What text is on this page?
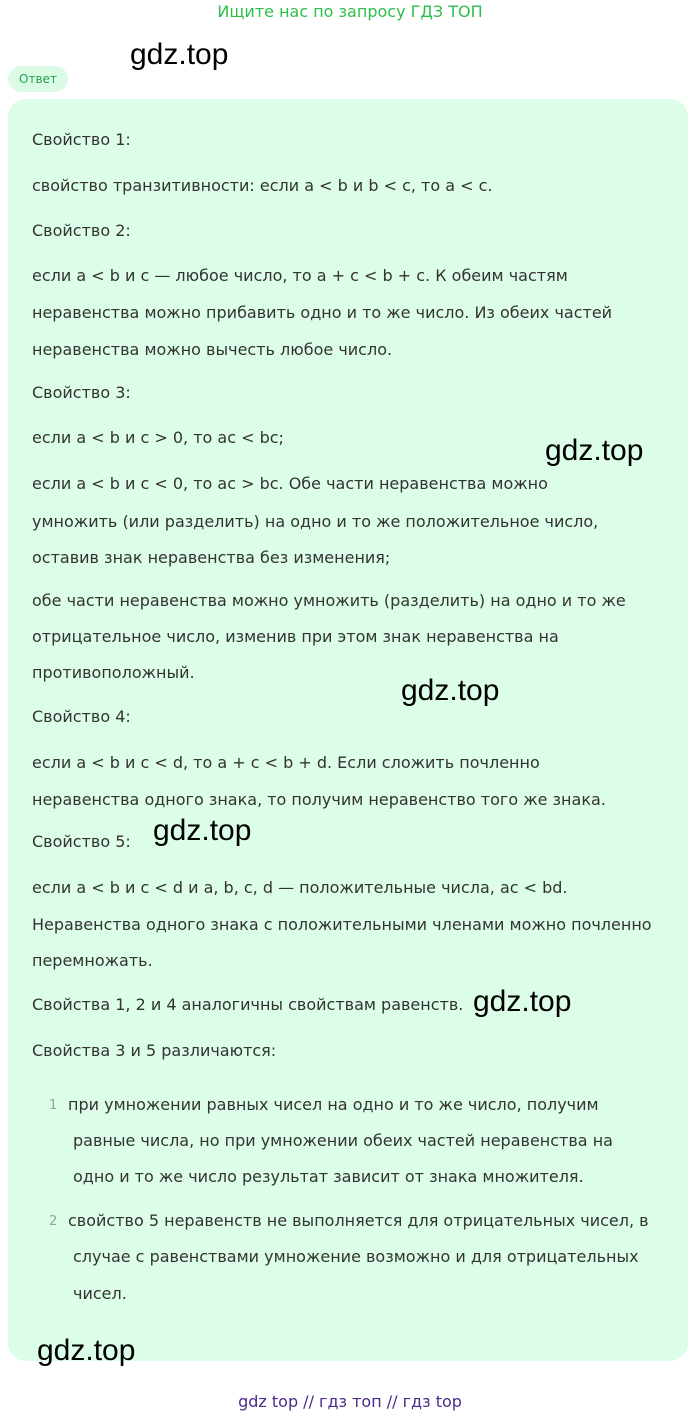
Ищите нас по запросу ГДЗ ТОП
Ответ
Свойство 1:
свойство транзитивности: если a < b и b < c, то a < c.
Свойство 2:
если a < b и c — любое число, то a + c < b + c. К обеим частям
неравенства можно прибавить одно и то же число. Из обеих частей
неравенства можно вычесть любое число.
Свойство 3:
если a < b и c > 0, то ac < bc;
если a < b и c < 0, то ac > bc. Обе части неравенства можно
умножить (или разделить) на одно и то же положительное число,
оставив знак неравенства без изменения;
обе части неравенства можно умножить (разделить) на одно и то же
отрицательное число, изменив при этом знак неравенства на
противоположный.
Свойство 4:
если a < b и c < d, то a + c < b + d. Если сложить почленно
неравенства одного знака, то получим неравенство того же знака.
Свойство 5:
если a < b и c < d и a, b, c, d — положительные числа, ac < bd.
Неравенства одного знака с положительными членами можно почленно
перемножать.
Свойства 1, 2 и 4 аналогичны свойствам равенств.
Свойства 3 и 5 различаются:
1 при умножении равных чисел на одно и то же число, получим
равные числа, но при умножении обеих частей неравенства на
одно и то же число результат зависит от знака множителя.
2 свойство 5 неравенств не выполняется для отрицательных чисел, в
случае с равенствами умножение возможно и для отрицательных
чисел.
gdz.top
gdz.top
gdz.top
gdz.top
gdz.top
gdz.top
gdz top // гдз топ // гдз top
